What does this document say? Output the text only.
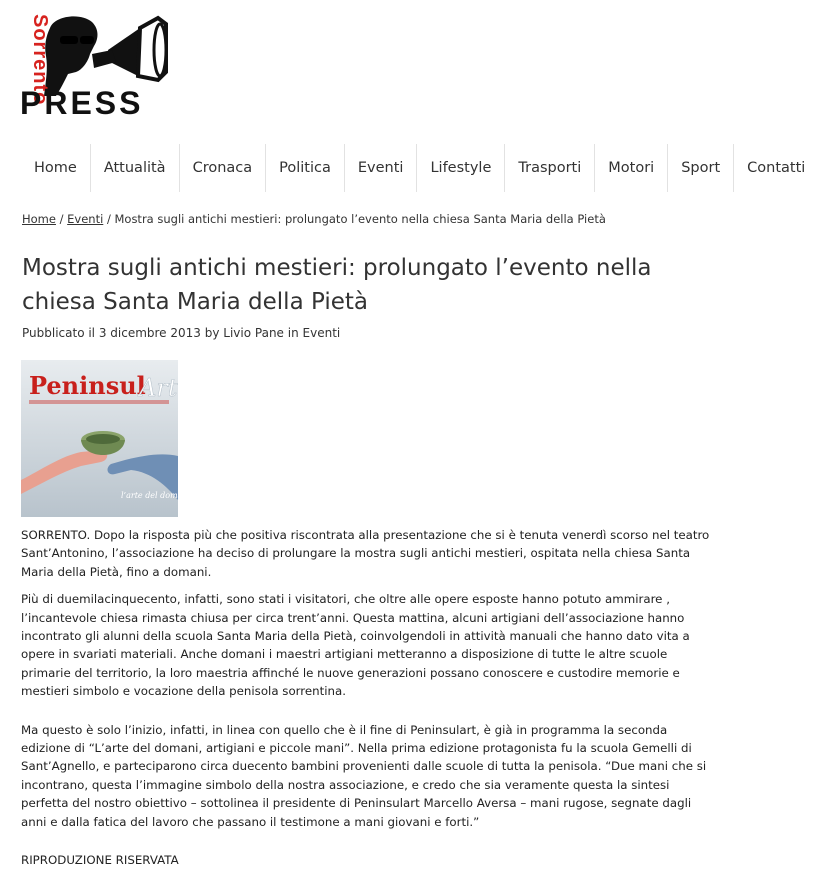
Sorrento
PRESS
Home	Attualità	Cronaca	Politica	Eventi	Lifestyle	Trasporti	Motori	Sport	Contatti
Home / Eventi / Mostra sugli antichi mestieri: prolungato l’evento nella chiesa Santa Maria della Pietà
Mostra sugli antichi mestieri: prolungato l’evento nella chiesa Santa Maria della Pietà
Pubblicato il 3 dicembre 2013 by Livio Pane in Eventi
Peninsul
Art
l’arte del domani

SORRENTO. Dopo la risposta più che positiva riscontrata alla presentazione che si è tenuta venerdì scorso nel teatro Sant’Antonino, l’associazione ha deciso di prolungare la mostra sugli antichi mestieri, ospitata nella chiesa Santa Maria della Pietà, fino a domani.

Più di duemilacinquecento, infatti, sono stati i visitatori, che oltre alle opere esposte hanno potuto ammirare , l’incantevole chiesa rimasta chiusa per circa trent’anni. Questa mattina, alcuni artigiani dell’associazione hanno incontrato gli alunni della scuola Santa Maria della Pietà, coinvolgendoli in attività manuali che hanno dato vita a opere in svariati materiali. Anche domani i maestri artigiani metteranno a disposizione di tutte le altre scuole primarie del territorio, la loro maestria affinché le nuove generazioni possano conoscere e custodire memorie e mestieri simbolo e vocazione della penisola sorrentina.

Ma questo è solo l’inizio, infatti, in linea con quello che è il fine di Peninsulart, è già in programma la seconda edizione di “L’arte del domani, artigiani e piccole mani”. Nella prima edizione protagonista fu la scuola Gemelli di Sant’Agnello, e parteciparono circa duecento bambini provenienti dalle scuole di tutta la penisola. “Due mani che si incontrano, questa l’immagine simbolo della nostra associazione, e credo che sia veramente questa la sintesi perfetta del nostro obiettivo – sottolinea il presidente di Peninsulart Marcello Aversa – mani rugose, segnate dagli anni e dalla fatica del lavoro che passano il testimone a mani giovani e forti.”

RIPRODUZIONE RISERVATA
